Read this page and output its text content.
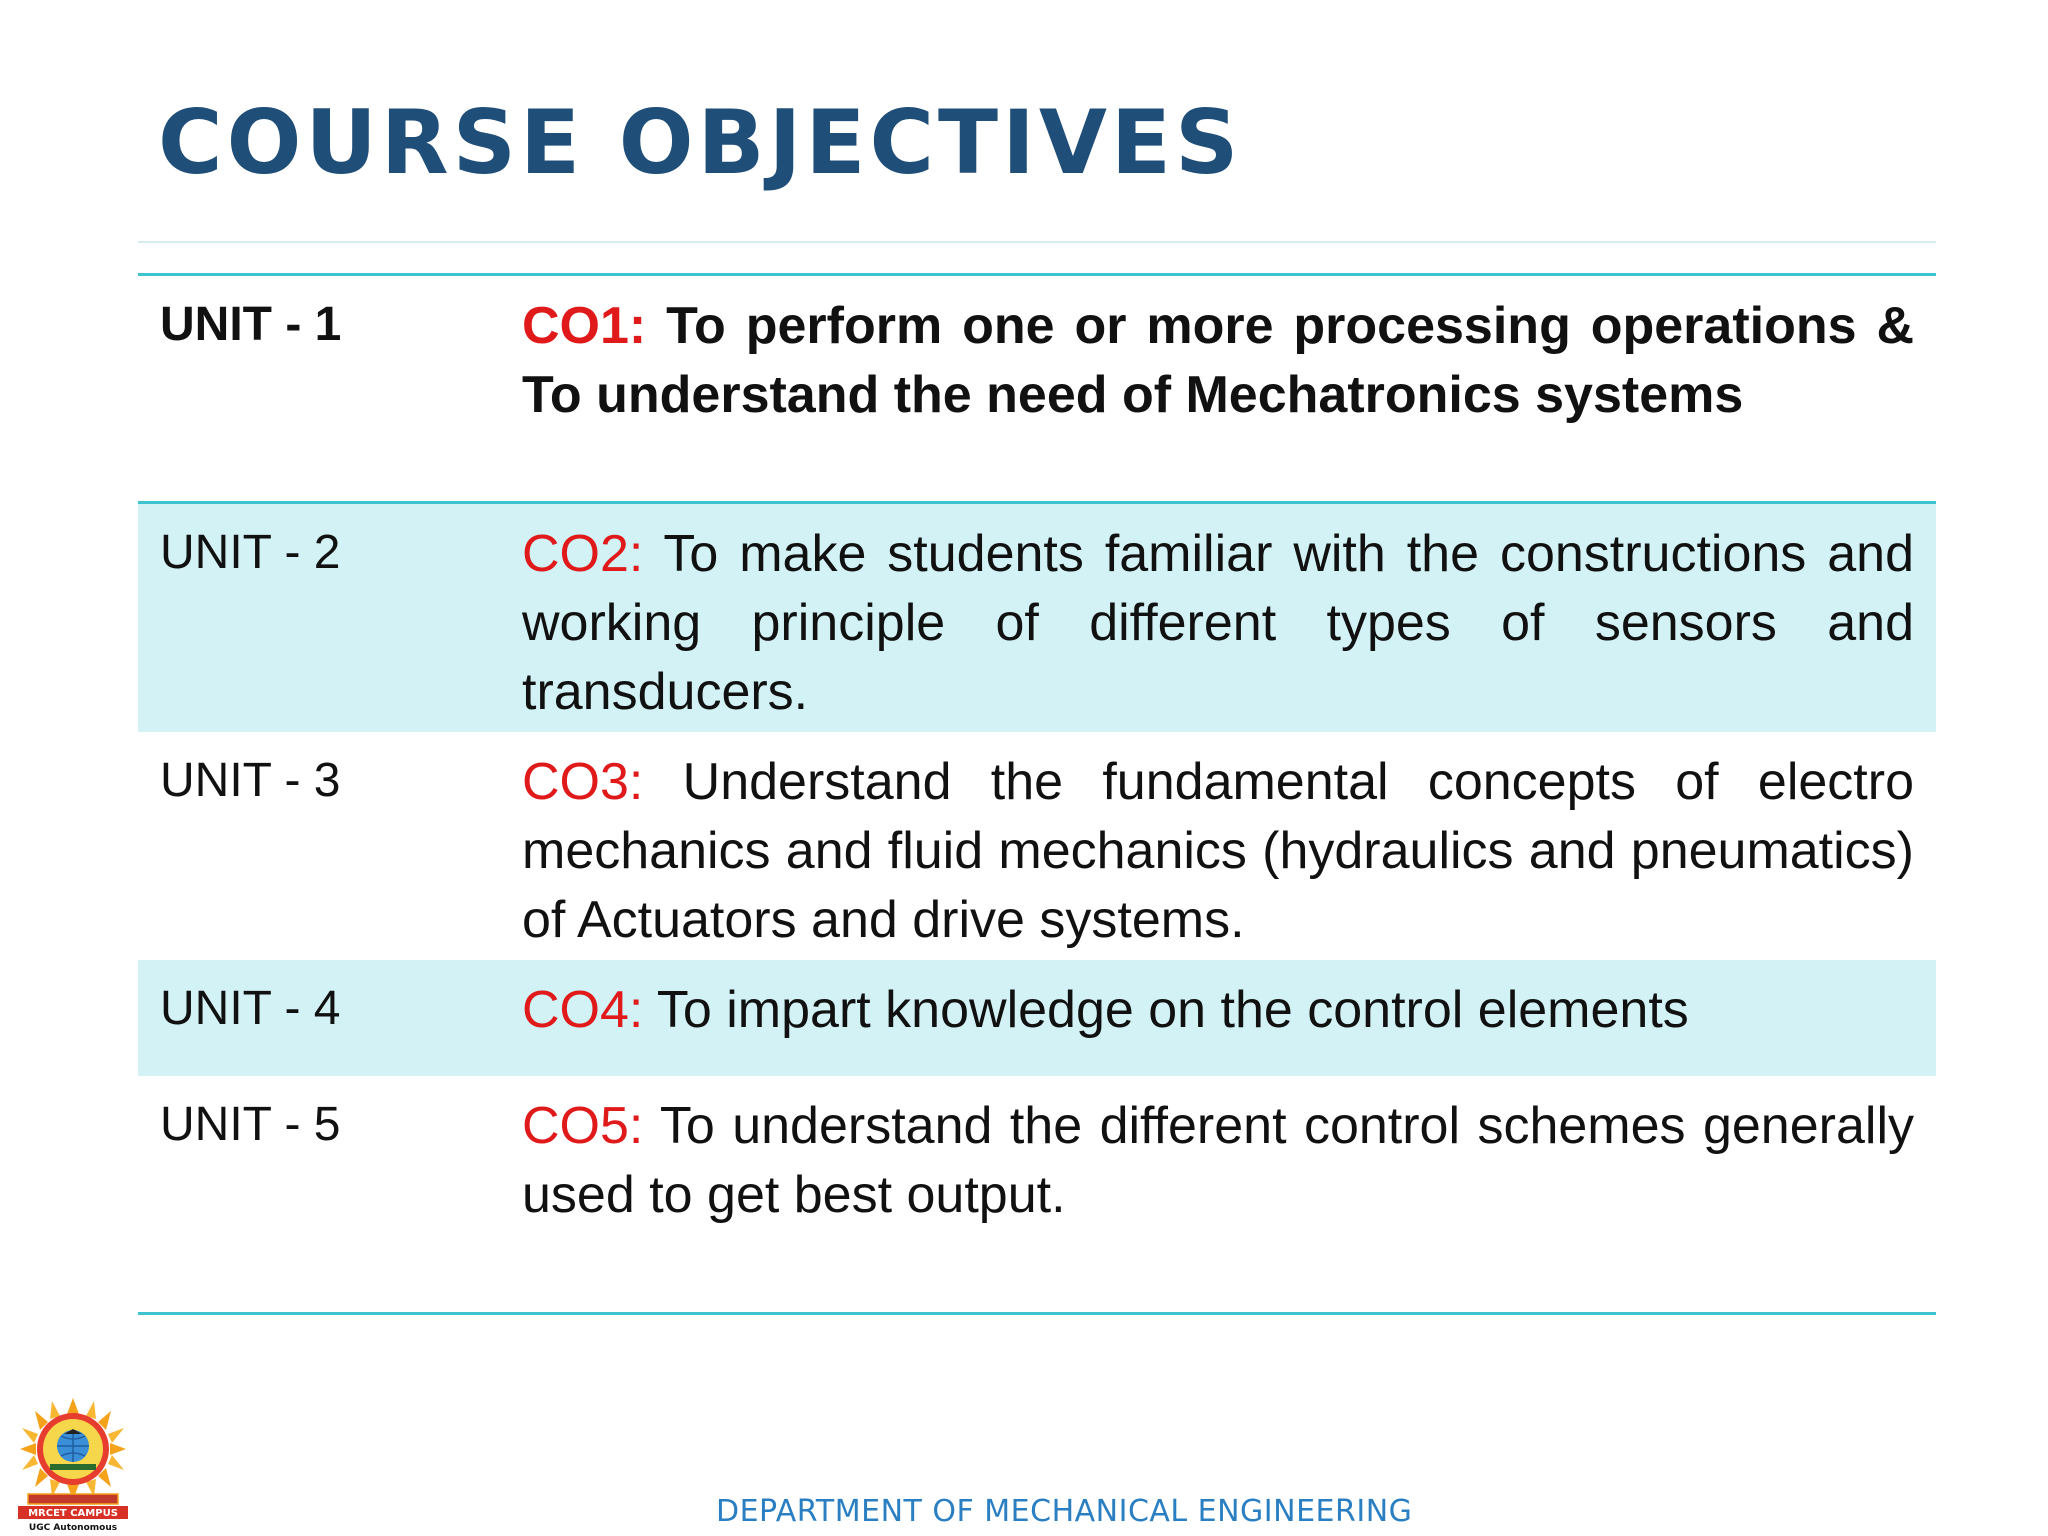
COURSE OBJECTIVES
UNIT - 1	CO1: To perform one or more processing operations & To understand the need of Mechatronics systems
UNIT - 2	CO2: To make students familiar with the constructions and working principle of different types of sensors and transducers.
UNIT - 3	CO3: Understand the fundamental concepts of electro mechanics and fluid mechanics (hydraulics and pneumatics) of Actuators and drive systems.
UNIT - 4	CO4: To impart knowledge on the control elements
UNIT - 5	CO5: To understand the different control schemes generally used to get best output.
MRCET CAMPUS
UGC Autonomous	DEPARTMENT OF MECHANICAL ENGINEERING
